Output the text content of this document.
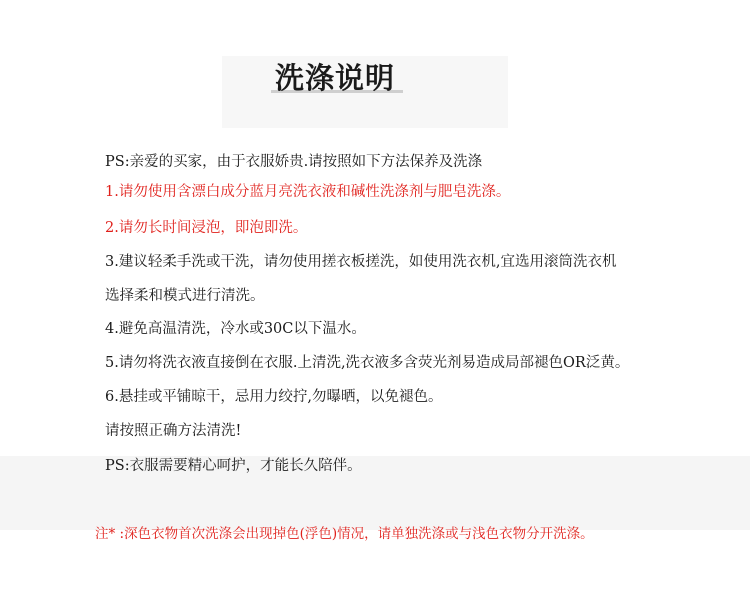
洗涤说明
PS:亲爱的买家，由于衣服娇贵.请按照如下方法保养及洗涤
1.请勿使用含漂白成分蓝月亮洗衣液和碱性洗涤剂与肥皂洗涤。
2.请勿长时间浸泡，即泡即洗。
3.建议轻柔手洗或干洗，请勿使用搓衣板搓洗，如使用洗衣机,宜选用滚筒洗衣机
选择柔和模式进行清洗。
4.避免高温清洗，冷水或30C以下温水。
5.请勿将洗衣液直接倒在衣服.上清洗,洗衣液多含荧光剂易造成局部褪色OR泛黄。
6.悬挂或平铺晾干，忌用力绞拧,勿曝晒，以免褪色。
请按照正确方法清洗!
PS:衣服需要精心呵护，才能长久陪伴。
注* :深色衣物首次洗涤会出现掉色(浮色)情况，请单独洗涤或与浅色衣物分开洗涤。
